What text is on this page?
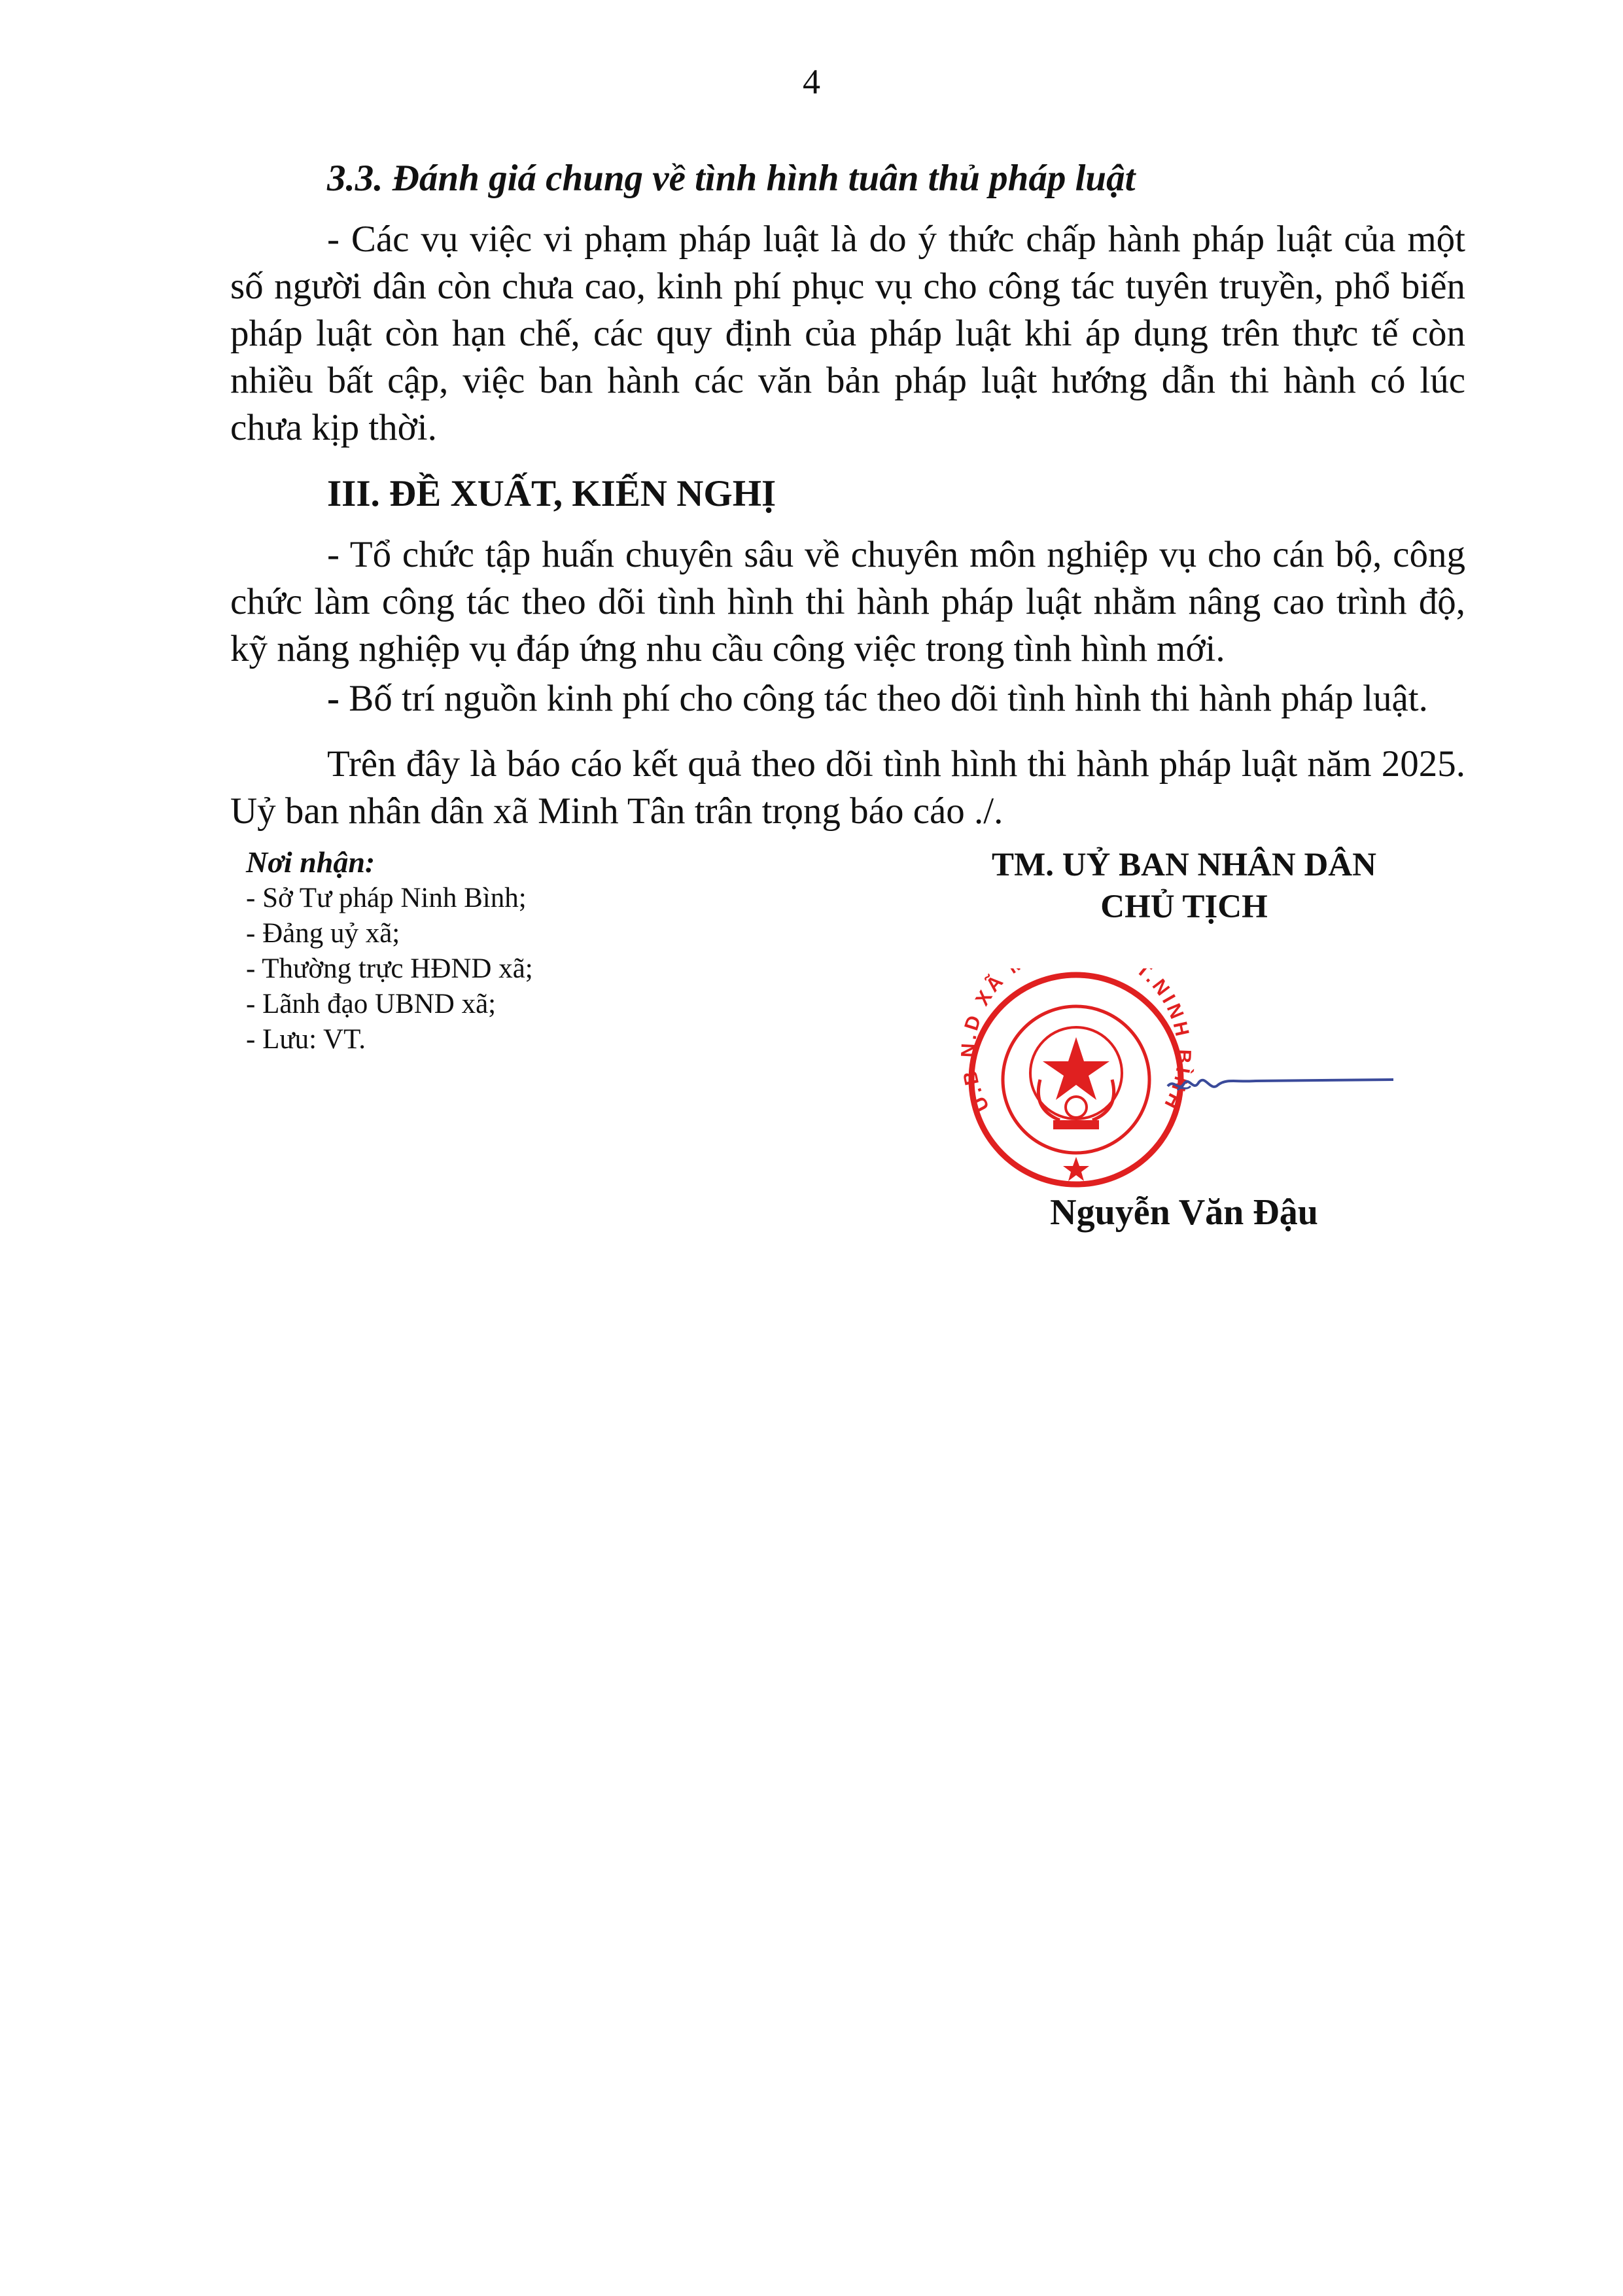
4
3.3. Đánh giá chung về tình hình tuân thủ pháp luật

- Các vụ việc vi phạm pháp luật là do ý thức chấp hành pháp luật của một số người dân còn chưa cao, kinh phí phục vụ cho công tác tuyên truyền, phổ biến pháp luật còn hạn chế, các quy định của pháp luật khi áp dụng trên thực tế còn nhiều bất cập, việc ban hành các văn bản pháp luật hướng dẫn thi hành có lúc chưa kịp thời.

III. ĐỀ XUẤT, KIẾN NGHỊ

- Tổ chức tập huấn chuyên sâu về chuyên môn nghiệp vụ cho cán bộ, công chức làm công tác theo dõi tình hình thi hành pháp luật nhằm nâng cao trình độ, kỹ năng nghiệp vụ đáp ứng nhu cầu công việc trong tình hình mới.

- Bố trí nguồn kinh phí cho công tác theo dõi tình hình thi hành pháp luật.

Trên đây là báo cáo kết quả theo dõi tình hình thi hành pháp luật năm 2025. Uỷ ban nhân dân xã Minh Tân trân trọng báo cáo ./.

Nơi nhận:
- Sở Tư pháp Ninh Bình;
- Đảng uỷ xã;
- Thường trực HĐND xã;
- Lãnh đạo UBND xã;
- Lưu: VT.
TM. UỶ BAN NHÂN DÂN
CHỦ TỊCH
U.B.N.D XÃ T.NINH BÌNH
Nguyễn Văn Đậu
